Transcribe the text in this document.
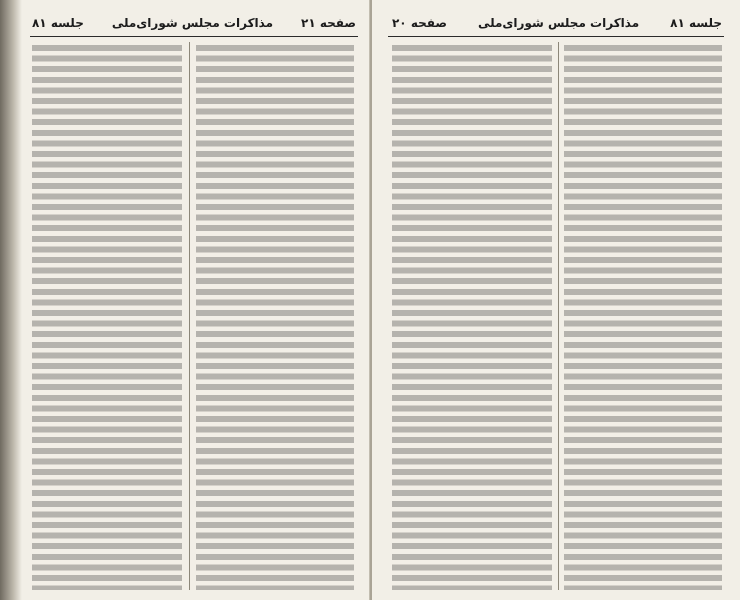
صفحه ۲۱
مذاکرات مجلس شورای‌ملی
جلسه ۸۱	جلسه ۸۱
مذاکرات مجلس شورای‌ملی
صفحه ۲۰
